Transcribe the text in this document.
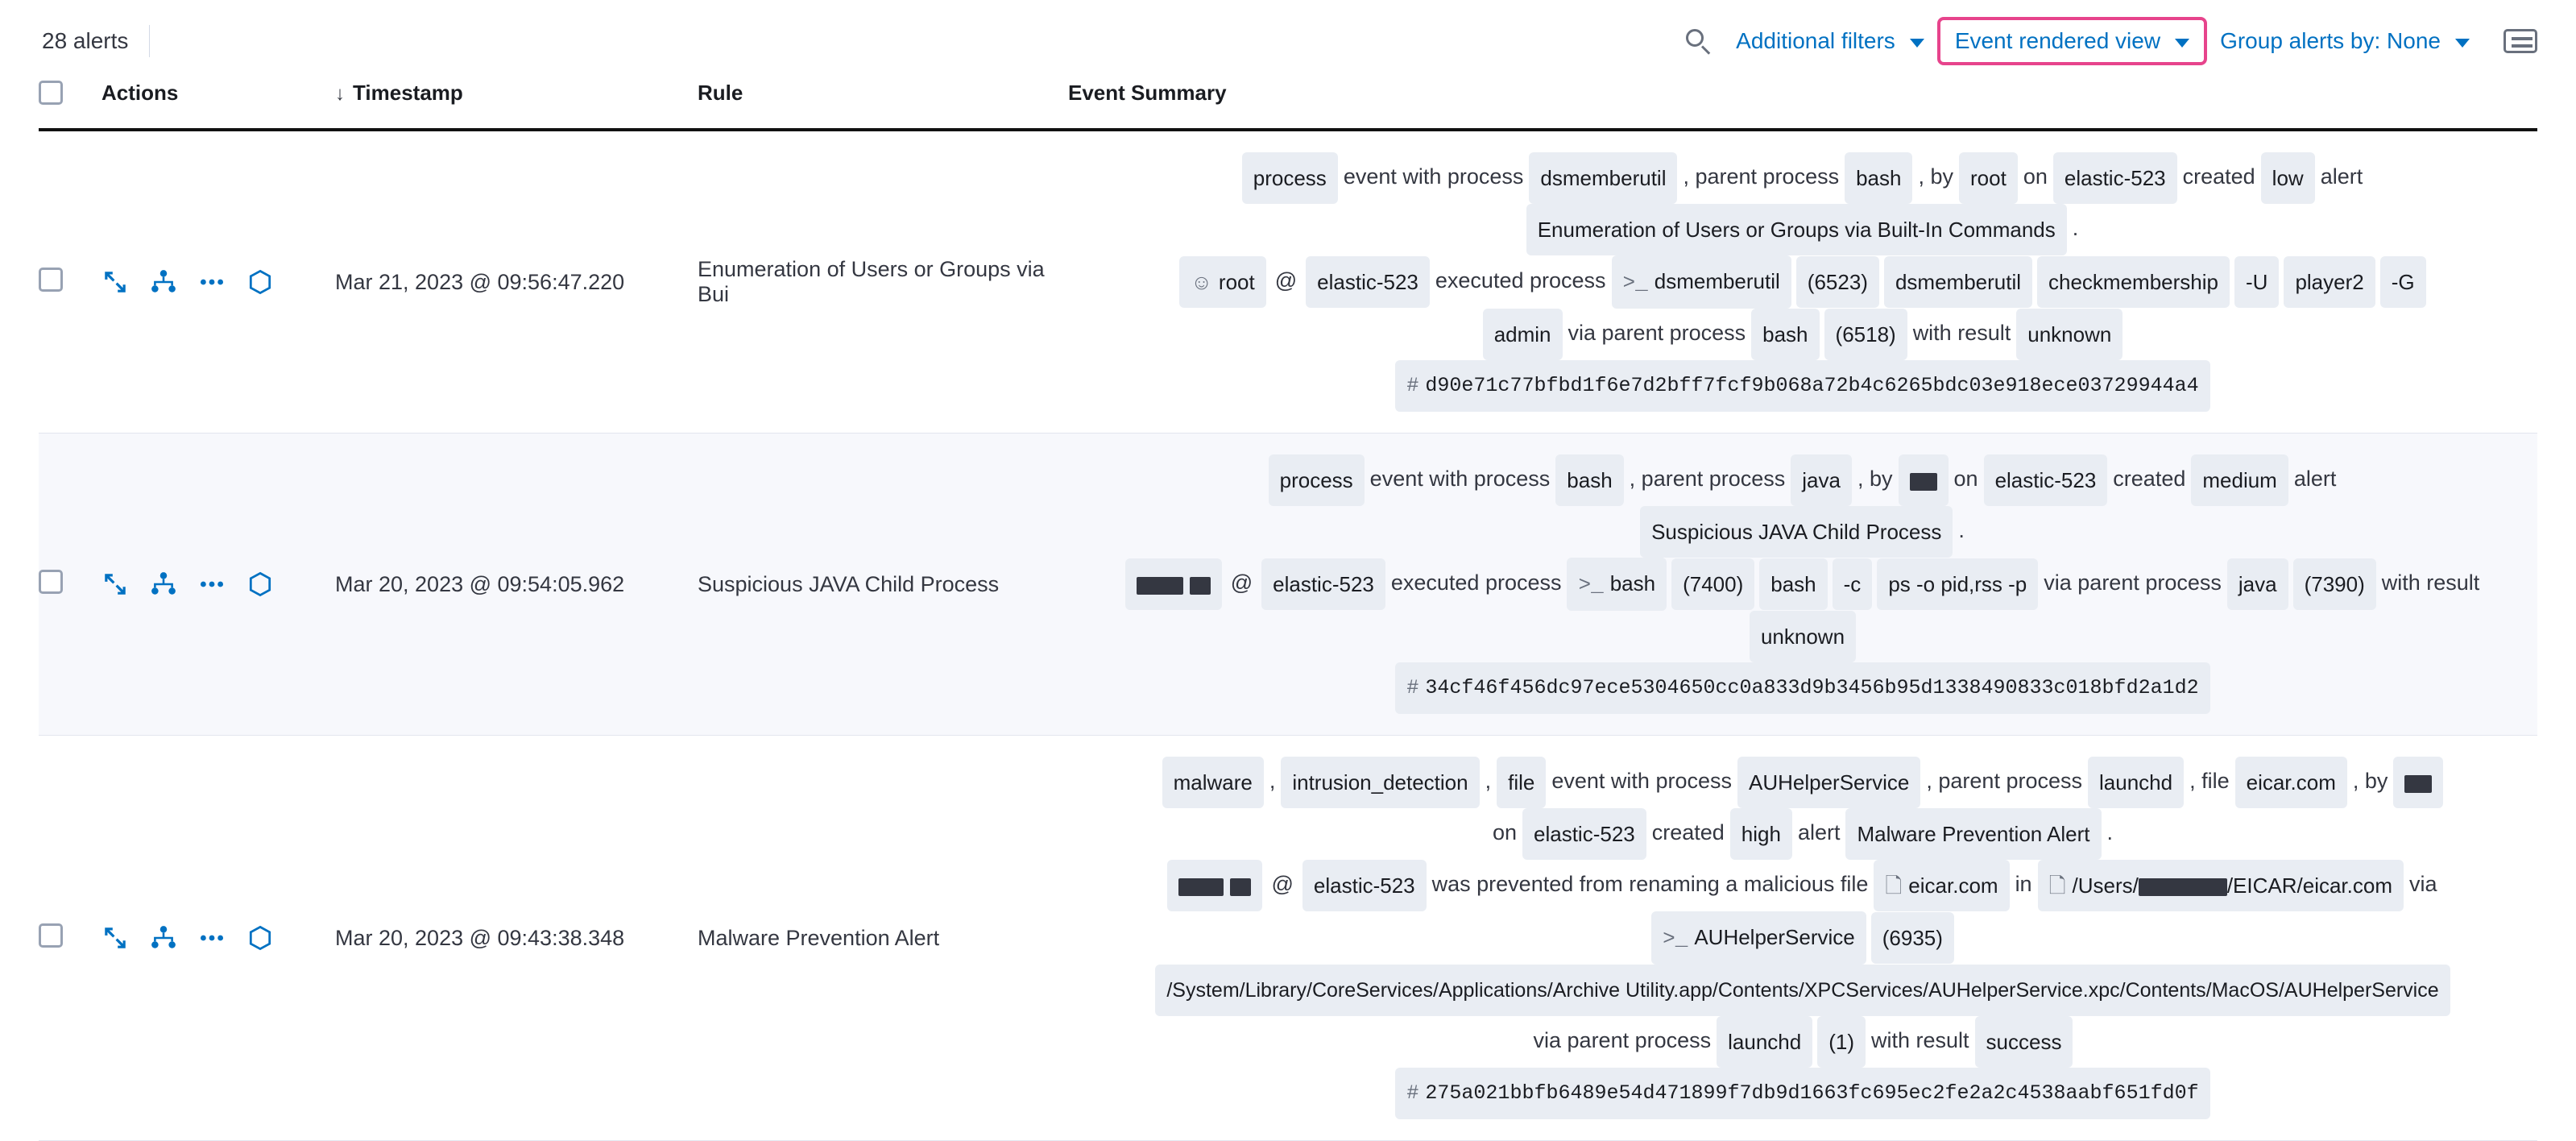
28 alerts	Additional filters	Event rendered view	Group alerts by: None
	Actions	↓ Timestamp	Rule	Event Summary

	Mar 21, 2023 @ 09:56:47.220	Enumeration of Users or Groups via Bui	process event with process dsmemberutil , parent process bash , by root on elastic-523 created low alert
Enumeration of Users or Groups via Built-In Commands .
☺ root @ elastic-523 executed process >_ dsmemberutil (6523) dsmemberutil checkmembership -U player2 -G
admin via parent process bash (6518) with result unknown
# d90e71c77bfbd1f6e7d2bff7fcf9b068a72b4c6265bdc03e918ece03729944a4

	Mar 20, 2023 @ 09:54:05.962	Suspicious JAVA Child Process	process event with process bash , parent process java , by on elastic-523 created medium alert
Suspicious JAVA Child Process .
@ elastic-523 executed process >_ bash (7400) bash -c ps -o pid,rss -p via parent process java (7390) with result
unknown
# 34cf46f456dc97ece5304650cc0a833d9b3456b95d1338490833c018bfd2a1d2

	Mar 20, 2023 @ 09:43:38.348	Malware Prevention Alert	
malware , intrusion_detection , file event with process AUHelperService , parent process launchd , file eicar.com , by
on elastic-523 created high alert Malware Prevention Alert .
@ elastic-523 was prevented from renaming a malicious file 🗋 eicar.com in 🗋 /Users/	/EICAR/eicar.com via
>_ AUHelperService (6935)
/System/Library/CoreServices/Applications/Archive Utility.app/Contents/XPCServices/AUHelperService.xpc/Contents/MacOS/AUHelperService
via parent process launchd (1) with result success
# 275a021bbfb6489e54d471899f7db9d1663fc695ec2fe2a2c4538aabf651fd0f
